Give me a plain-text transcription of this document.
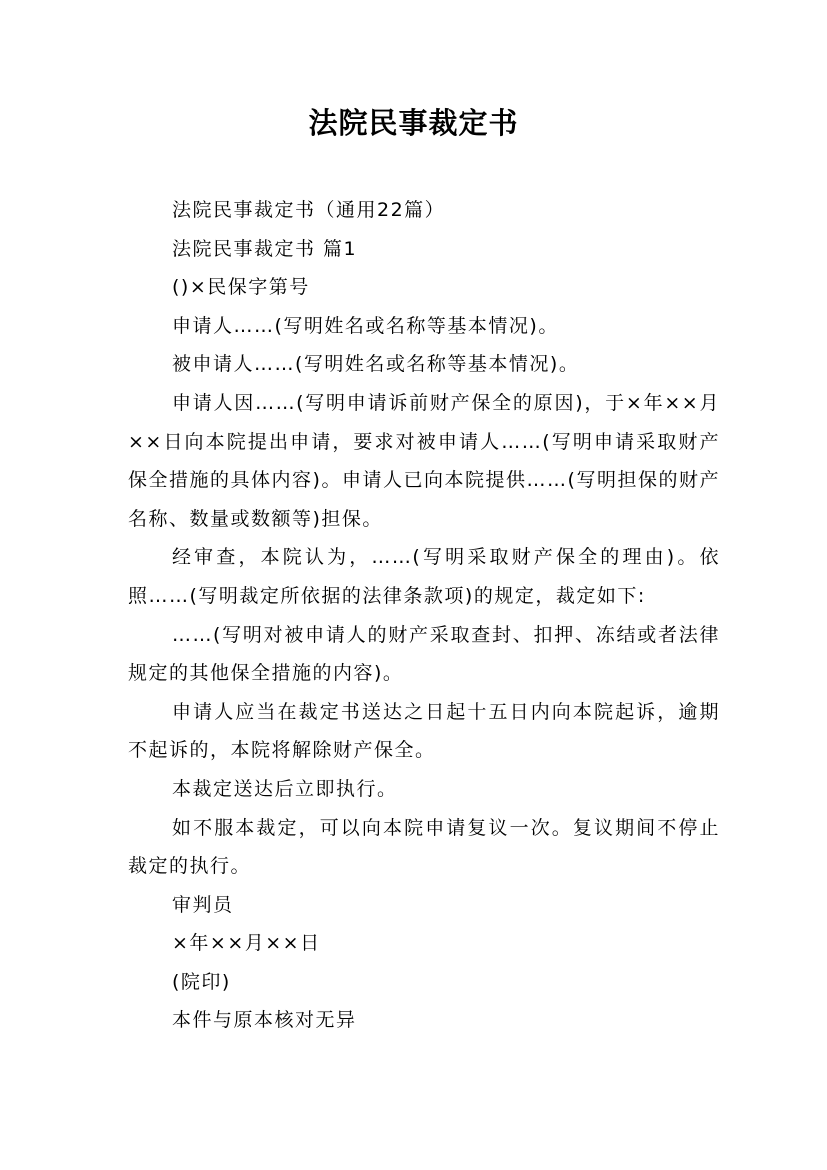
法院民事裁定书

法院民事裁定书（通用22篇）

法院民事裁定书 篇1

()×民保字第号

申请人……(写明姓名或名称等基本情况)。

被申请人……(写明姓名或名称等基本情况)。

申请人因……(写明申请诉前财产保全的原因)，于×年××月××日向本院提出申请，要求对被申请人……(写明申请采取财产保全措施的具体内容)。申请人已向本院提供……(写明担保的财产名称、数量或数额等)担保。

经审查，本院认为，……(写明采取财产保全的理由)。依照……(写明裁定所依据的法律条款项)的规定，裁定如下:

……(写明对被申请人的财产采取查封、扣押、冻结或者法律规定的其他保全措施的内容)。

申请人应当在裁定书送达之日起十五日内向本院起诉，逾期不起诉的，本院将解除财产保全。

本裁定送达后立即执行。

如不服本裁定，可以向本院申请复议一次。复议期间不停止裁定的执行。

审判员

×年××月××日

(院印)

本件与原本核对无异
